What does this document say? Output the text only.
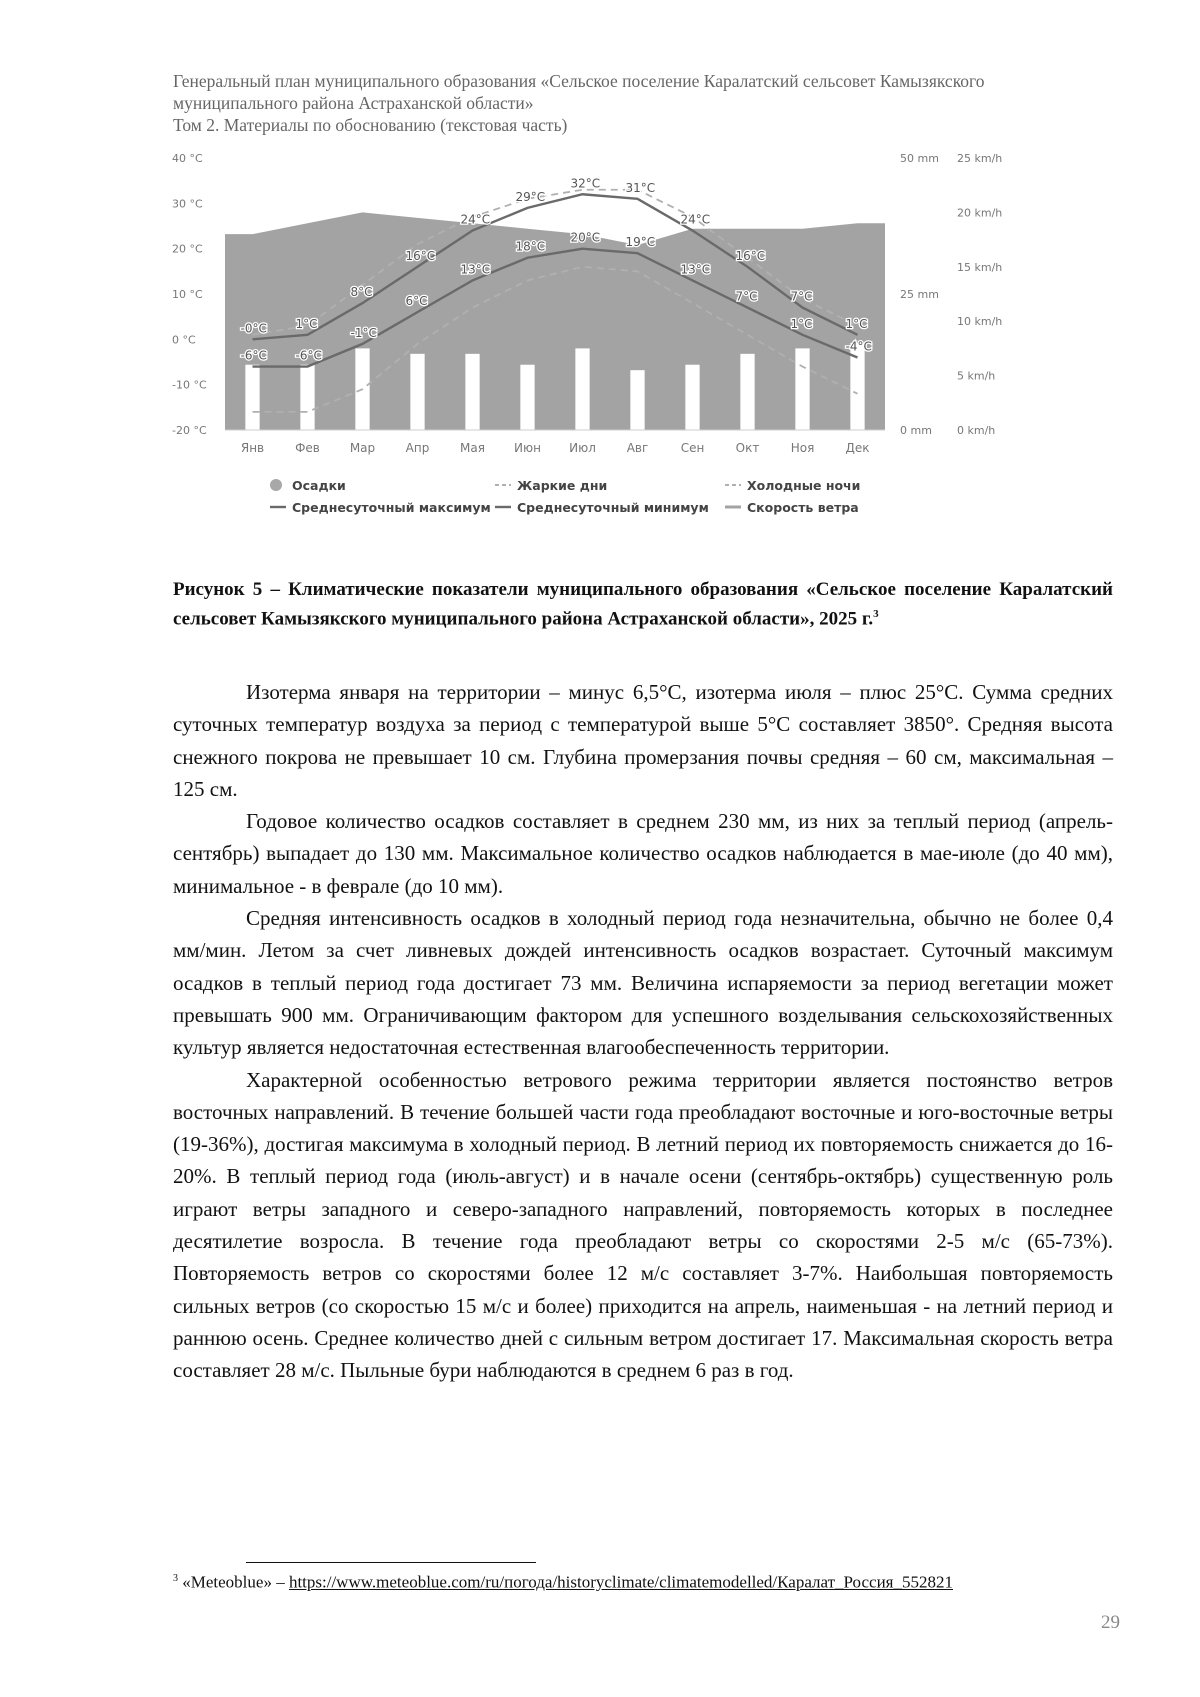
Генеральный план муниципального образования «Сельское поселение Каралатский сельсовет Камызякского
муниципального района Астраханской области»
Том 2. Материалы по обоснованию (текстовая часть)
40 °C
30 °C
20 °C
10 °C
0 °C
-10 °C
-20 °C
50 mm
25 mm
0 mm
25 km/h
20 km/h
15 km/h
10 km/h
5 km/h
0 km/h
-0°C 1°C
8°C
16°C
24°C
29°C
32°C 31°C
24°C
16°C
7°C
1°C
-6°C -6°C
-1°C
6°C
13°C
18°C
20°C 19°C
13°C
7°C
1°C
-4°C
Янв	Фев Мар	Апр	Мая Июн Июл	Авг	Сен	Окт	Ноя	Дек
Осадки	Жаркие дни	Холодные ночи
Среднесуточный максимум Среднесуточный минимум	Скорость ветра
Рисунок 5 – Климатические показатели муниципального образования «Сельское поселение Каралатский сельсовет Камызякского муниципального района Астраханской области», 2025 г.$^3$

Изотерма января на территории – минус 6,5°С, изотерма июля – плюс 25°С. Сумма средних суточных температур воздуха за период с температурой выше 5°С составляет 3850°. Средняя высота снежного покрова не превышает 10 см. Глубина промерзания почвы средняя – 60 см, максимальная – 125 см.

Годовое количество осадков составляет в среднем 230 мм, из них за теплый период (апрель-сентябрь) выпадает до 130 мм. Максимальное количество осадков наблюдается в мае-июле (до 40 мм), минимальное - в феврале (до 10 мм).

Средняя интенсивность осадков в холодный период года незначительна, обычно не более 0,4 мм/мин. Летом за счет ливневых дождей интенсивность осадков возрастает. Суточный максимум осадков в теплый период года достигает 73 мм. Величина испаряемости за период вегетации может превышать 900 мм. Ограничивающим фактором для успешного возделывания сельскохозяйственных культур является недостаточная естественная влагообеспеченность территории.

Характерной особенностью ветрового режима территории является постоянство ветров восточных направлений. В течение большей части года преобладают восточные и юго-восточные ветры (19-36%), достигая максимума в холодный период. В летний период их повторяемость снижается до 16-20%. В теплый период года (июль-август) и в начале осени (сентябрь-октябрь) существенную роль играют ветры западного и северо-западного направлений, повторяемость которых в последнее десятилетие возросла. В течение года преобладают ветры со скоростями 2-5 м/с (65-73%). Повторяемость ветров со скоростями более 12 м/с составляет 3-7%. Наибольшая повторяемость сильных ветров (со скоростью 15 м/с и более) приходится на апрель, наименьшая - на летний период и раннюю осень. Среднее количество дней с сильным ветром достигает 17. Максимальная скорость ветра составляет 28 м/с. Пыльные бури наблюдаются в среднем 6 раз в год.

$^3$ «Meteoblue» – https://www.meteoblue.com/ru/погода/historyclimate/climatemodelled/Каралат_Россия_552821
29
